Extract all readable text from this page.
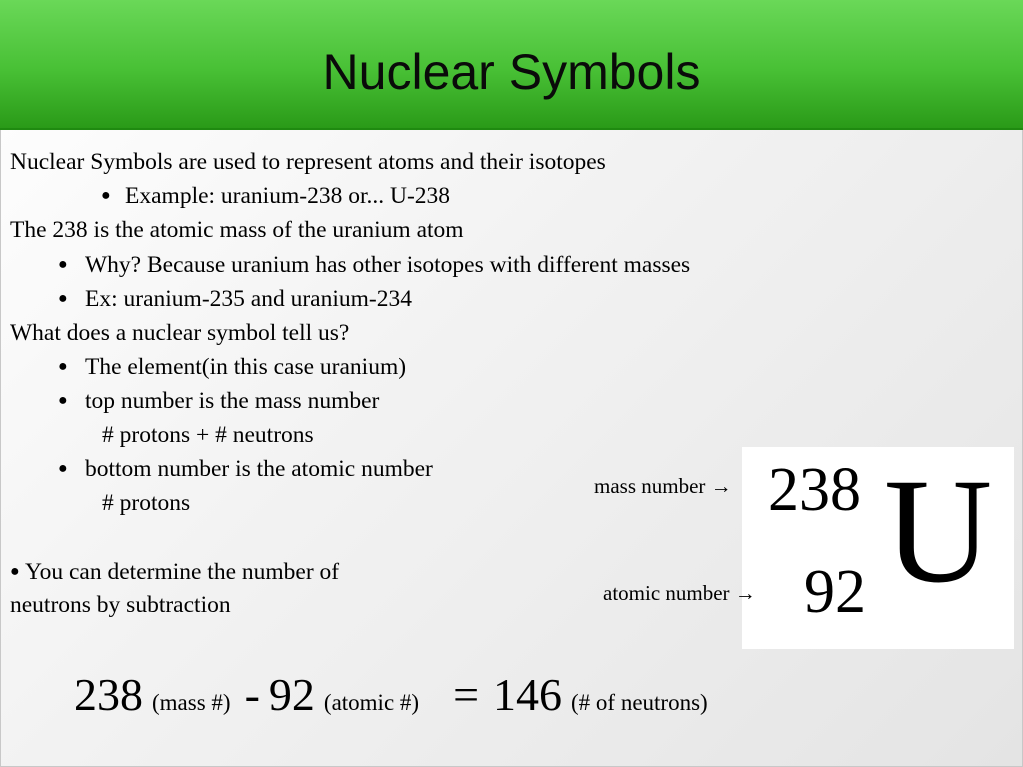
Nuclear Symbols
Nuclear Symbols are used to represent atoms and their isotopes
● Example: uranium-238 or... U-238
The 238 is the atomic mass of the uranium atom
● Why? Because uranium has other isotopes with different masses
● Ex: uranium-235 and uranium-234
What does a nuclear symbol tell us?
● The element(in this case uranium)
● top number is the mass number
# protons + # neutrons
● bottom number is the atomic number
# protons
● You can determine the number of
neutrons by subtraction
238
92 U
mass number →
atomic number →
238 (mass #) - 92 (atomic #) = 146 (# of neutrons)
